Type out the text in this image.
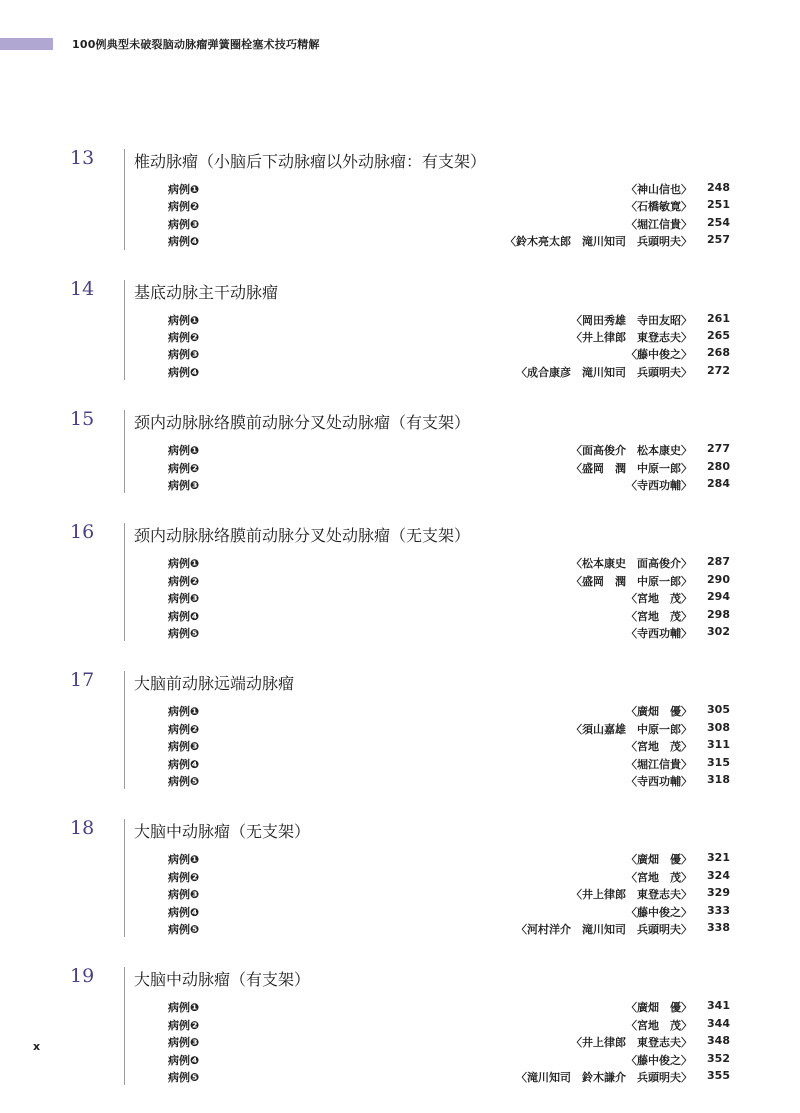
100例典型未破裂脑动脉瘤弹簧圈栓塞术技巧精解
13 椎动脉瘤（小脑后下动脉瘤以外动脉瘤：有支架）
病例❶	〈神山信也〉	248
病例❷	〈石橋敏寛〉	251
病例❸	〈堀江信貴〉	254
病例❹	〈鈴木亮太郎　滝川知司　兵頭明夫〉	257
14 基底动脉主干动脉瘤
病例❶	〈岡田秀雄　寺田友昭〉	261
病例❷	〈井上律郎　東登志夫〉	265
病例❸	〈藤中俊之〉	268
病例❹	〈成合康彦　滝川知司　兵頭明夫〉	272
15 颈内动脉脉络膜前动脉分叉处动脉瘤（有支架）
病例❶	〈面高俊介　松本康史〉	277
病例❷	〈盛岡　潤　中原一郎〉	280
病例❸	〈寺西功輔〉	284
16 颈内动脉脉络膜前动脉分叉处动脉瘤（无支架）
病例❶	〈松本康史　面高俊介〉	287
病例❷	〈盛岡　潤　中原一郎〉	290
病例❸	〈宮地　茂〉	294
病例❹	〈宮地　茂〉	298
病例❺	〈寺西功輔〉	302
17 大脑前动脉远端动脉瘤
病例❶	〈廣畑　優〉	305
病例❷	〈須山嘉雄　中原一郎〉	308
病例❸	〈宮地　茂〉	311
病例❹	〈堀江信貴〉	315
病例❺	〈寺西功輔〉	318
18 大脑中动脉瘤（无支架）
病例❶	〈廣畑　優〉	321
病例❷	〈宮地　茂〉	324
病例❸	〈井上律郎　東登志夫〉	329
病例❹	〈藤中俊之〉	333
病例❺	〈河村洋介　滝川知司　兵頭明夫〉	338
19 大脑中动脉瘤（有支架）
病例❶	〈廣畑　優〉	341
病例❷	〈宮地　茂〉	344
病例❸	〈井上律郎　東登志夫〉	348
病例❹	〈藤中俊之〉	352
病例❺	〈滝川知司　鈴木謙介　兵頭明夫〉	355
x
